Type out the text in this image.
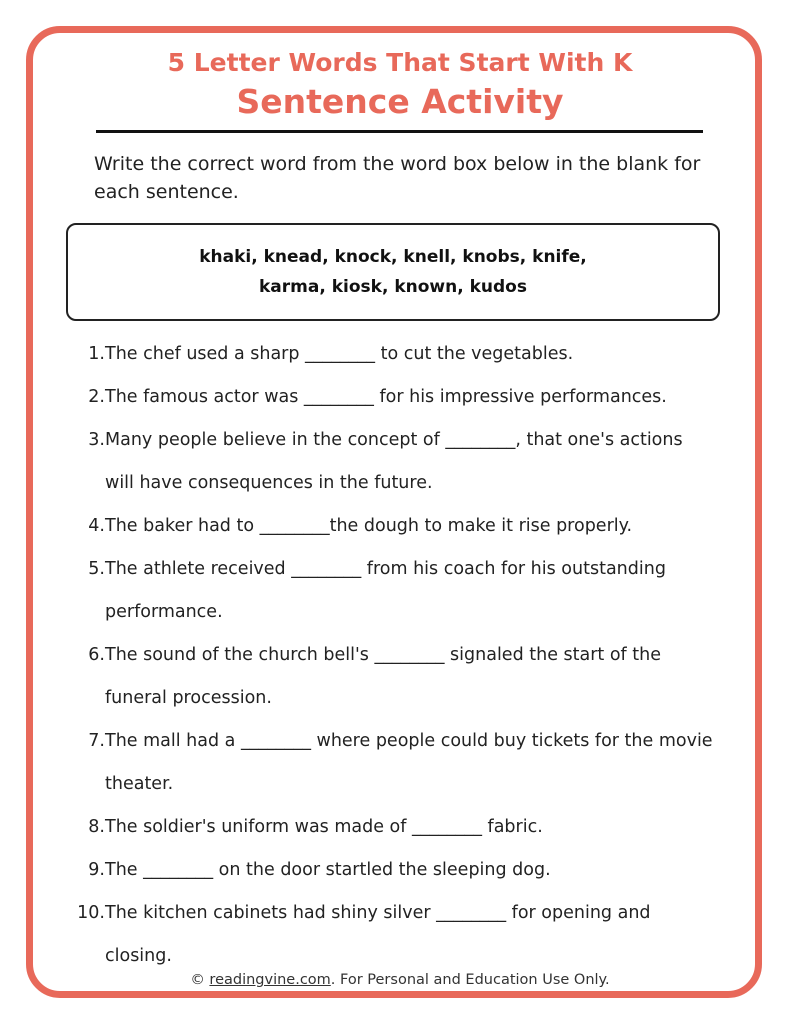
5 Letter Words That Start With K
Sentence Activity

Write the correct word from the word box below in the blank for each sentence.

khaki, knead, knock, knell, knobs, knife,
karma, kiosk, known, kudos
1. The chef used a sharp ________ to cut the vegetables.
2. The famous actor was ________ for his impressive performances.
3. Many people believe in the concept of ________, that one's actions will have consequences in the future.
4. The baker had to ________the dough to make it rise properly.
5. The athlete received ________ from his coach for his outstanding performance.
6. The sound of the church bell's ________ signaled the start of the funeral procession.
7. The mall had a ________ where people could buy tickets for the movie theater.
8. The soldier's uniform was made of ________ fabric.
9. The ________ on the door startled the sleeping dog.
10. The kitchen cabinets had shiny silver ________ for opening and closing.
© readingvine.com. For Personal and Education Use Only.
